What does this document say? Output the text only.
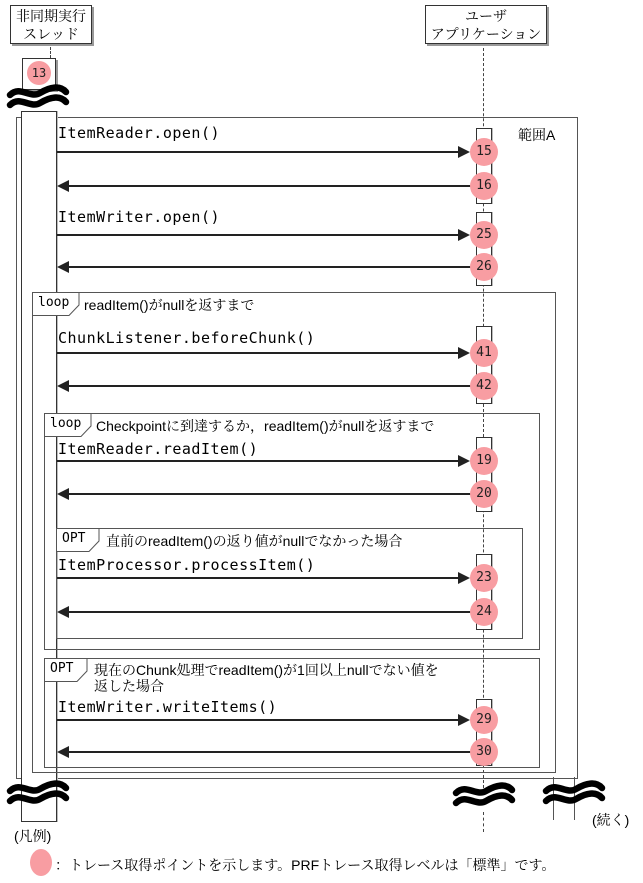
非同期実行
スレッド
ユーザ
アプリケーション
13
範囲A
loop readItem()がnullを返すまで
loop Checkpointに到達するか，readItem()がnullを返すまで
OPT 直前のreadItem()の返り値がnullでなかった場合
OPT 現在のChunk処理でreadItem()が1回以上nullでない値を
返した場合
ItemReader.open()
15
16
ItemWriter.open()
25
26
ChunkListener.beforeChunk()
41
42
ItemReader.readItem()
19
20
ItemProcessor.processItem()
23
24
ItemWriter.writeItems()
29
30
(続く)
(凡例)
：トレース取得ポイントを示します。PRFトレース取得レベルは「標準」です。
